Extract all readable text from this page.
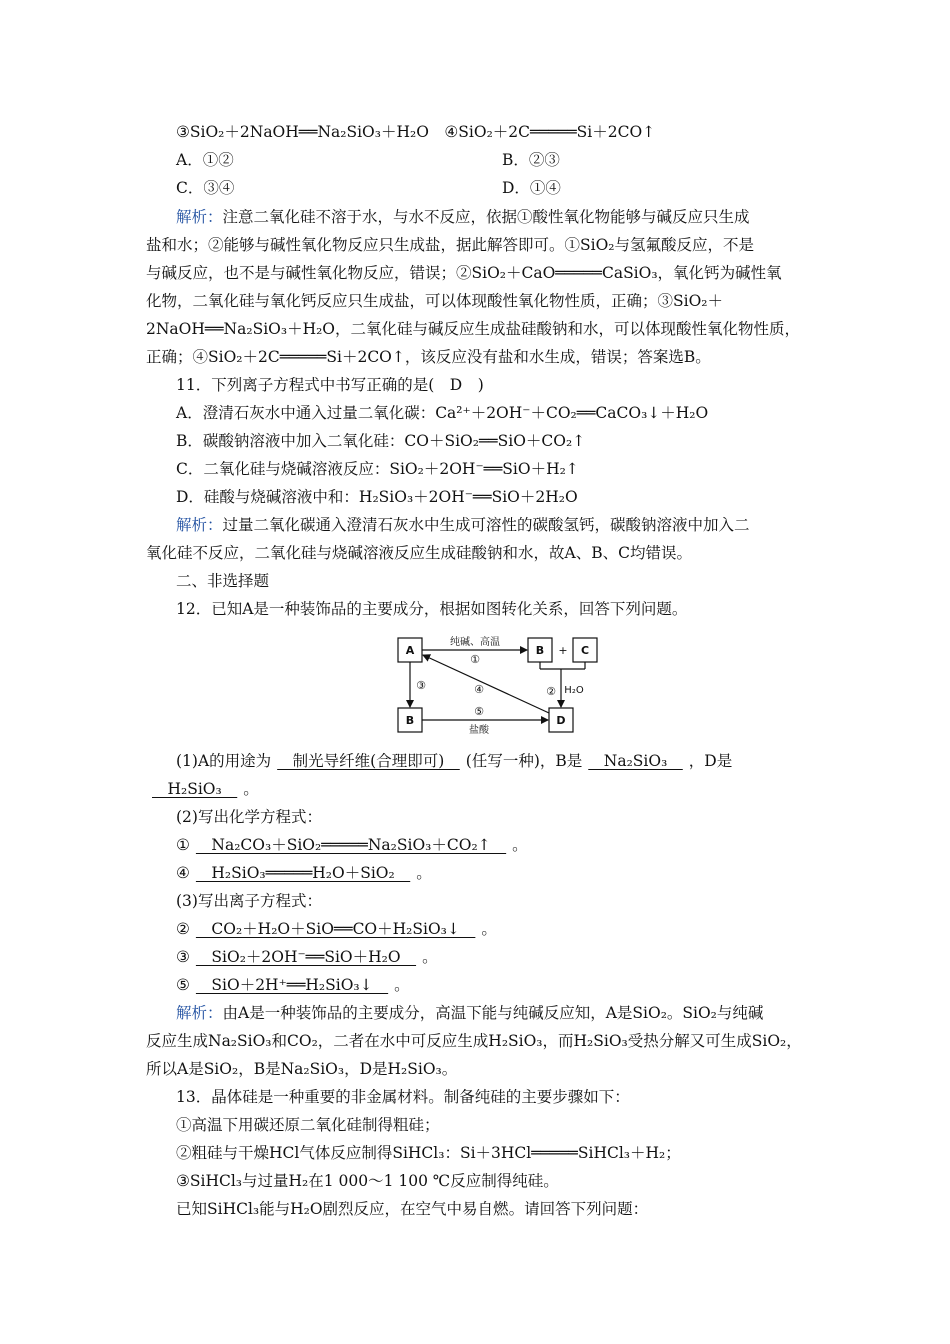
③SiO₂＋2NaOH══Na₂SiO₃＋H₂O　④SiO₂＋2C═════Si＋2CO↑
A．①②	B．②③
C．③④	D．①④
解析：注意二氧化硅不溶于水，与水不反应，依据①酸性氧化物能够与碱反应只生成
盐和水；②能够与碱性氧化物反应只生成盐，据此解答即可。①SiO₂与氢氟酸反应，不是
与碱反应，也不是与碱性氧化物反应，错误；②SiO₂＋CaO═════CaSiO₃，氧化钙为碱性氧
化物，二氧化硅与氧化钙反应只生成盐，可以体现酸性氧化物性质，正确；③SiO₂＋
2NaOH══Na₂SiO₃＋H₂O，二氧化硅与碱反应生成盐硅酸钠和水，可以体现酸性氧化物性质，
正确；④SiO₂＋2C═════Si＋2CO↑，该反应没有盐和水生成，错误；答案选B。
11．下列离子方程式中书写正确的是(　D　)
A．澄清石灰水中通入过量二氧化碳：Ca²⁺＋2OH⁻＋CO₂══CaCO₃↓＋H₂O
B．碳酸钠溶液中加入二氧化硅：CO＋SiO₂══SiO＋CO₂↑
C．二氧化硅与烧碱溶液反应：SiO₂＋2OH⁻══SiO＋H₂↑
D．硅酸与烧碱溶液中和：H₂SiO₃＋2OH⁻══SiO＋2H₂O
解析：过量二氧化碳通入澄清石灰水中生成可溶性的碳酸氢钙，碳酸钠溶液中加入二
氧化硅不反应，二氧化硅与烧碱溶液反应生成硅酸钠和水，故A、B、C均错误。
二、非选择题
12．已知A是一种装饰品的主要成分，根据如图转化关系，回答下列问题。
A	B + C
B	D
纯碱、高温
①
② H₂O
③	④
⑤
盐酸
(1)A的用途为　制光导纤维(合理即可)　(任写一种)，B是　Na₂SiO₃　，D是
　H₂SiO₃　。
(2)写出化学方程式：
①　Na₂CO₃＋SiO₂═════Na₂SiO₃＋CO₂↑　。
④　H₂SiO₃═════H₂O＋SiO₂　。
(3)写出离子方程式：
②　CO₂＋H₂O＋SiO══CO＋H₂SiO₃↓　。
③　SiO₂＋2OH⁻══SiO＋H₂O　。
⑤　SiO＋2H⁺══H₂SiO₃↓　。
解析：由A是一种装饰品的主要成分，高温下能与纯碱反应知，A是SiO₂。SiO₂与纯碱
反应生成Na₂SiO₃和CO₂，二者在水中可反应生成H₂SiO₃，而H₂SiO₃受热分解又可生成SiO₂，
所以A是SiO₂，B是Na₂SiO₃，D是H₂SiO₃。
13．晶体硅是一种重要的非金属材料。制备纯硅的主要步骤如下：
①高温下用碳还原二氧化硅制得粗硅；
②粗硅与干燥HCl气体反应制得SiHCl₃：Si＋3HCl═════SiHCl₃＋H₂；
③SiHCl₃与过量H₂在1 000～1 100 ℃反应制得纯硅。
已知SiHCl₃能与H₂O剧烈反应，在空气中易自燃。请回答下列问题：
